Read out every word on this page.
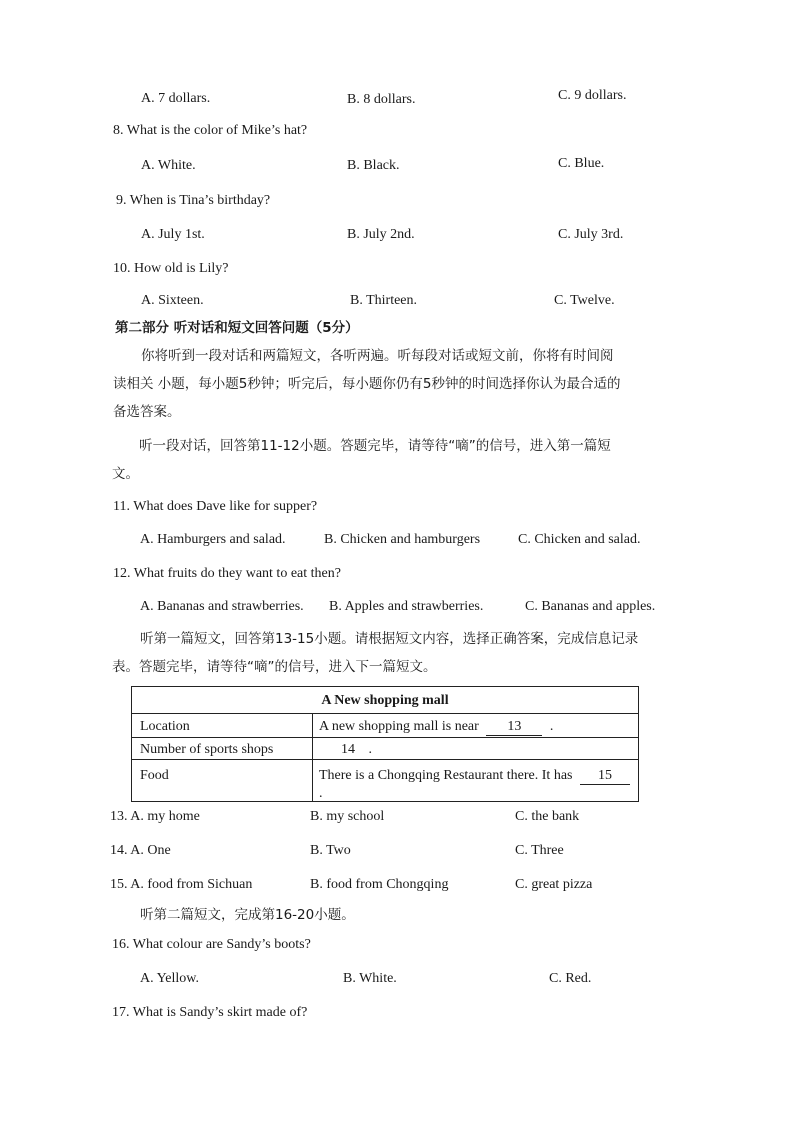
A. 7 dollars.	B. 8 dollars.	C. 9 dollars.
8. What is the color of Mike’s hat?
A. White.	B. Black.	C. Blue.
9. When is Tina’s birthday?
A. July 1st.	B. July 2nd.	C. July 3rd.
10. How old is Lily?
A. Sixteen.	B. Thirteen.	C. Twelve.
第二部分 听对话和短文回答问题（5分）
你将听到一段对话和两篇短文，各听两遍。听每段对话或短文前，你将有时间阅
读相关 小题，每小题5秒钟；听完后，每小题你仍有5秒钟的时间选择你认为最合适的
备选答案。
听一段对话，回答第11-12小题。答题完毕，请等待“嘀”的信号，进入第一篇短
文。
11. What does Dave like for supper?
A. Hamburgers and salad.	B. Chicken and hamburgers	C. Chicken and salad.
12. What fruits do they want to eat then?
A. Bananas and strawberries. B. Apples and strawberries.	C. Bananas and apples.
听第一篇短文，回答第13-15小题。请根据短文内容，选择正确答案，完成信息记录
表。答题完毕，请等待“嘀”的信号，进入下一篇短文。
A New shopping mall
Location	A new shopping mall is near 13 .
Number of sports shops	14 .
Food	There is a Chongqing Restaurant there. It has 15
.
13. A. my home	B. my school	C. the bank
14. A. One	B. Two	C. Three
15. A. food from Sichuan	B. food from Chongqing	C. great pizza
听第二篇短文，完成第16-20小题。
16. What colour are Sandy’s boots?
A. Yellow.	B. White.	C. Red.
17. What is Sandy’s skirt made of?
